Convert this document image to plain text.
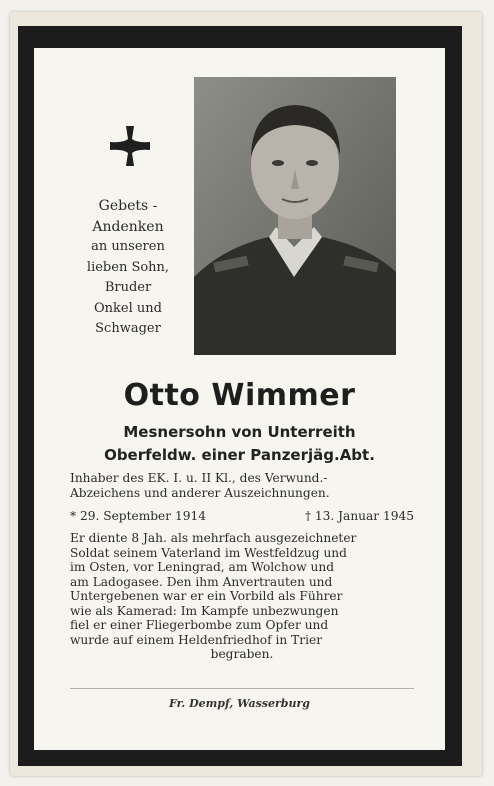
Gebets -
Andenken
an unseren
lieben Sohn,
Bruder
Onkel und
Schwager
Otto Wimmer
Mesnersohn von Unterreith
Oberfeldw. einer Panzerjäg.Abt.

Inhaber des EK. I. u. II Kl., des Verwund.-

Abzeichens und anderer Auszeichnungen.

* 29. September 1914	† 13. Januar 1945
Er diente 8 Jah. als mehrfach ausgezeichneter
Soldat seinem Vaterland im Westfeldzug und
im Osten, vor Leningrad, am Wolchow und
am Ladogasee. Den ihm Anvertrauten und
Untergebenen war er ein Vorbild als Führer
wie als Kamerad: Im Kampfe unbezwungen
fiel er einer Fliegerbombe zum Opfer und
wurde auf einem Heldenfriedhof in Trier
begraben.
Fr. Dempf, Wasserburg
